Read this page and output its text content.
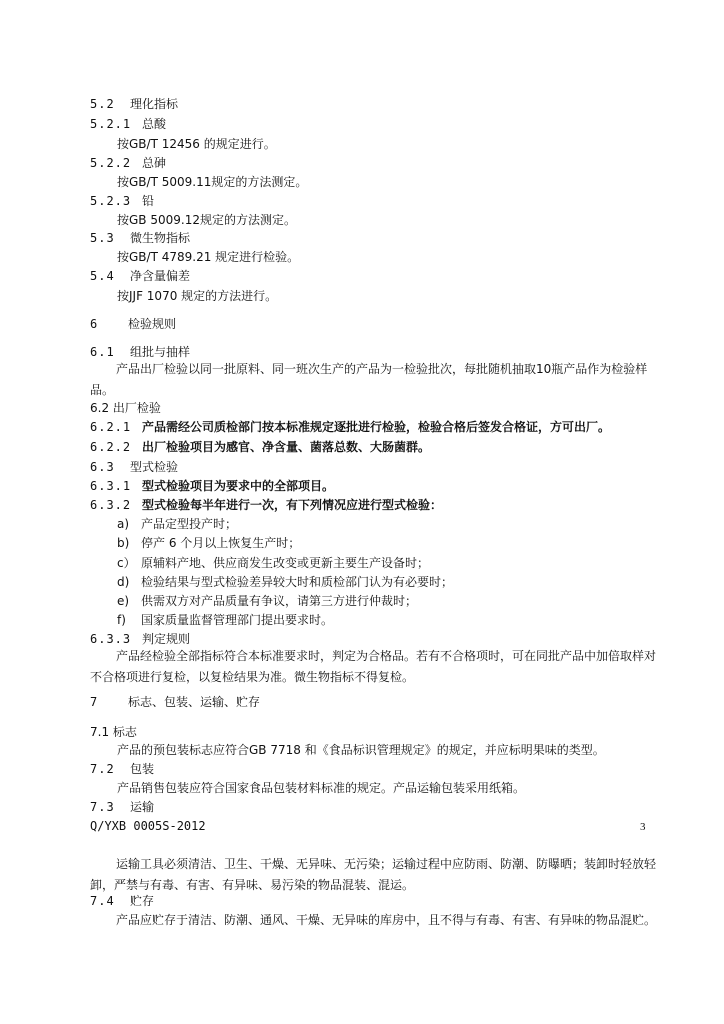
5.2 理化指标
5.2.1 总酸
按GB/T 12456 的规定进行。
5.2.2 总砷
按GB/T 5009.11规定的方法测定。
5.2.3 铅
按GB 5009.12规定的方法测定。
5.3 微生物指标
按GB/T 4789.21 规定进行检验。
5.4 净含量偏差
按JJF 1070 规定的方法进行。
6	检验规则
6.1 组批与抽样
产品出厂检验以同一批原料、同一班次生产的产品为一检验批次，每批随机抽取10瓶产品作为检验样品。
6.2 出厂检验
6.2.1 产品需经公司质检部门按本标准规定逐批进行检验，检验合格后签发合格证，方可出厂。
6.2.2 出厂检验项目为感官、净含量、菌落总数、大肠菌群。
6.3 型式检验
6.3.1 型式检验项目为要求中的全部项目。
6.3.2 型式检验每半年进行一次，有下列情况应进行型式检验：
a) 产品定型投产时；
b) 停产 6 个月以上恢复生产时；
c） 原辅料产地、供应商发生改变或更新主要生产设备时；
d) 检验结果与型式检验差异较大时和质检部门认为有必要时；
e) 供需双方对产品质量有争议，请第三方进行仲裁时；
f) 国家质量监督管理部门提出要求时。
6.3.3 判定规则
产品经检验全部指标符合本标准要求时，判定为合格品。若有不合格项时，可在同批产品中加倍取样对不合格项进行复检，以复检结果为准。微生物指标不得复检。
7	标志、包装、运输、贮存
7.1 标志
产品的预包装标志应符合GB 7718 和《食品标识管理规定》的规定，并应标明果味的类型。
7.2 包装
产品销售包装应符合国家食品包装材料标准的规定。产品运输包装采用纸箱。
7.3 运输
Q/YXB 0005S-2012	3
运输工具必须清洁、卫生、干燥、无异味、无污染；运输过程中应防雨、防潮、防曝晒；装卸时轻放轻卸，严禁与有毒、有害、有异味、易污染的物品混装、混运。
7.4 贮存
产品应贮存于清洁、防潮、通风、干燥、无异味的库房中，且不得与有毒、有害、有异味的物品混贮。
